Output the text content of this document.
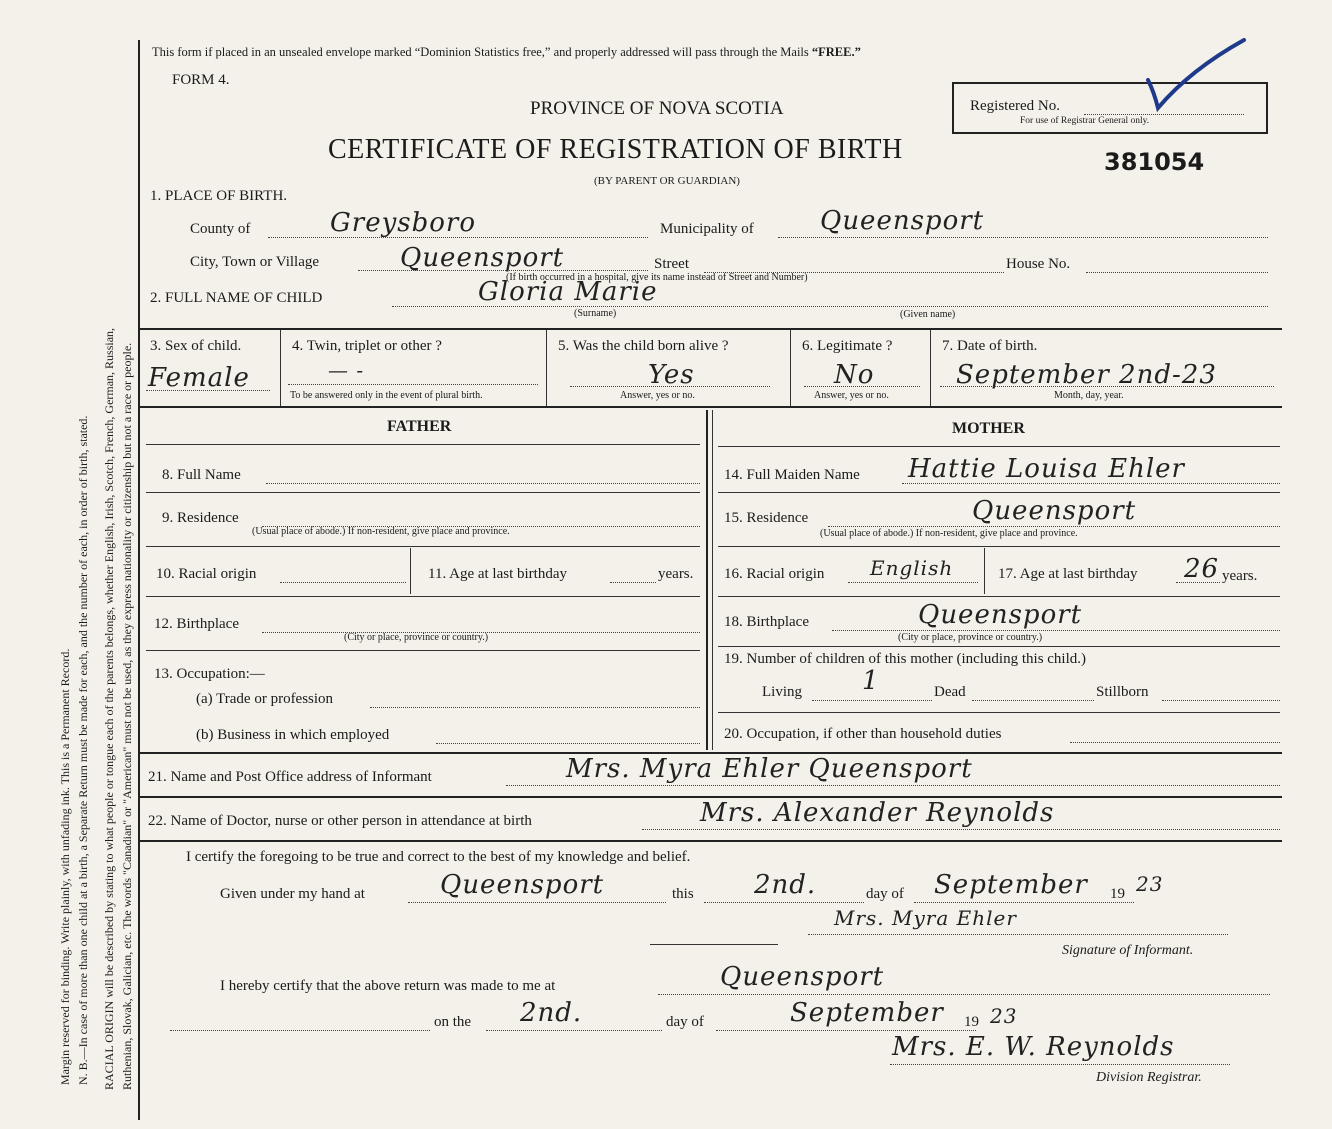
Margin reserved for binding. Write plainly, with unfading ink. This is a Permanent Record. N. B.—In case of more than one child at a birth, a Separate Return must be made for each, and the number of each, in order of birth, stated. RACIAL ORIGIN will be described by stating to what people or tongue each of the parents belongs, whether English, Irish, Scotch, French, German, Russian, Ruthenian, Slovak, Galician, etc. The words "Canadian" or "American" must not be used, as they express nationality or citizenship but not a race or people.
This form if placed in an unsealed envelope marked “Dominion Statistics free,” and properly addressed will pass through the Mails “FREE.”
FORM 4.
PROVINCE OF NOVA SCOTIA
CERTIFICATE OF REGISTRATION OF BIRTH
(BY PARENT OR GUARDIAN)
Registered No.
For use of Registrar General only.
381054
1. PLACE OF BIRTH.
County of	Greysboro	Municipality of	Queensport
City, Town or Village	Queensport	Street	House No.
(If birth occurred in a hospital, give its name instead of Street and Number)
2. FULL NAME OF CHILD	Gloria Marie
(Surname)	(Given name)
3. Sex of child.
Female
4. Twin, triplet or other ?
— -
To be answered only in the event of plural birth.
5. Was the child born alive ?
Yes
Answer, yes or no.
6. Legitimate ?
No
Answer, yes or no.
7. Date of birth.
September 2nd-23
Month, day, year.
FATHER	MOTHER
8. Full Name
9. Residence
(Usual place of abode.) If non-resident, give place and province.
10. Racial origin	11. Age at last birthday	years.
12. Birthplace
(City or place, province or country.)
13. Occupation:—
(a) Trade or profession
(b) Business in which employed
14. Full Maiden Name Hattie Louisa Ehler
15. Residence	Queensport
(Usual place of abode.) If non-resident, give place and province.
16. Racial origin English	17. Age at last birthday 26 years.
18. Birthplace	Queensport
(City or place, province or country.)
19. Number of children of this mother (including this child.)
Living 1	Dead	Stillborn
20. Occupation, if other than household duties
21. Name and Post Office address of Informant	Mrs. Myra Ehler Queensport
22. Name of Doctor, nurse or other person in attendance at birth	Mrs. Alexander Reynolds
I certify the foregoing to be true and correct to the best of my knowledge and belief.
Given under my hand at	Queensport	this 2nd.	day of September 19 23
Mrs. Myra Ehler
Signature of Informant.
I hereby certify that the above return was made to me at	Queensport
on the 2nd.	day of	September 19 23
Mrs. E. W. Reynolds
Division Registrar.
